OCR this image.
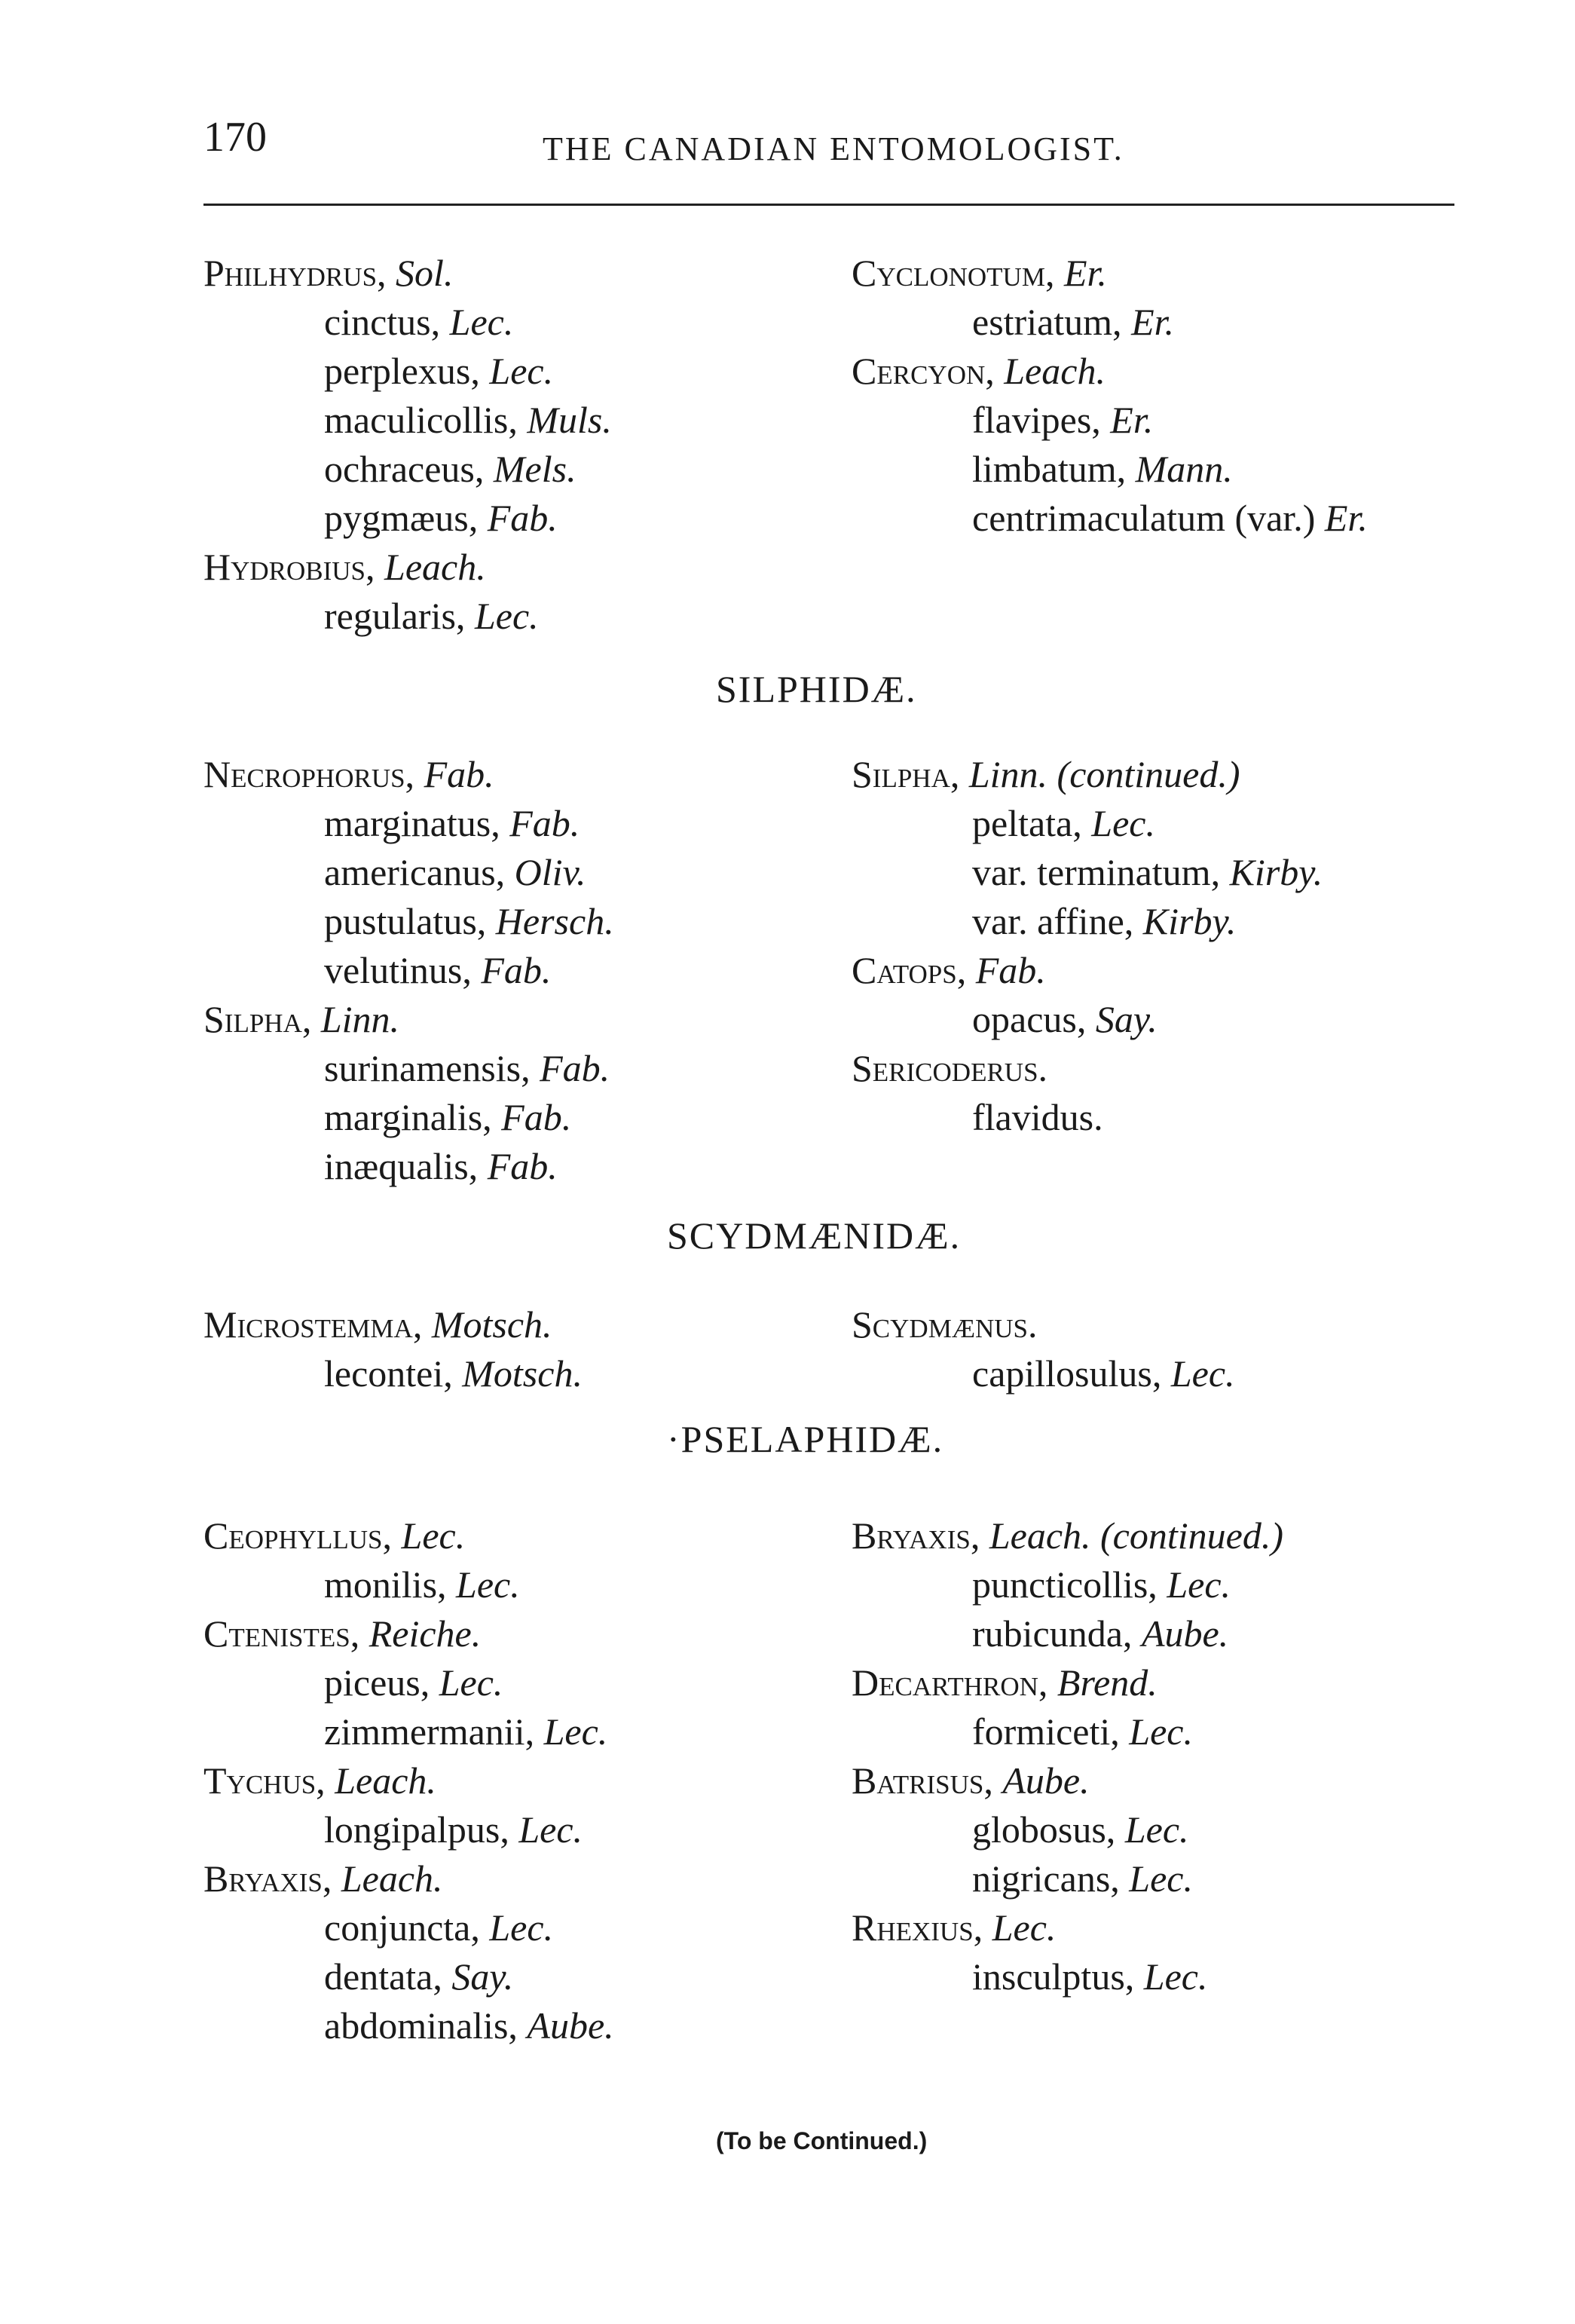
170	THE CANADIAN ENTOMOLOGIST.
Philhydrus, Sol.
cinctus, Lec.
perplexus, Lec.
maculicollis, Muls.
ochraceus, Mels.
pygmæus, Fab.
Hydrobius, Leach.
regularis, Lec.
Cyclonotum, Er.
estriatum, Er.
Cercyon, Leach.
flavipes, Er.
limbatum, Mann.
centrimaculatum (var.) Er.
SILPHIDÆ.
Necrophorus, Fab.
marginatus, Fab.
americanus, Oliv.
pustulatus, Hersch.
velutinus, Fab.
Silpha, Linn.
surinamensis, Fab.
marginalis, Fab.
inæqualis, Fab.
Silpha, Linn. (continued.)
peltata, Lec.
var. terminatum, Kirby.
var. affine, Kirby.
Catops, Fab.
opacus, Say.
Sericoderus.
flavidus.
SCYDMÆNIDÆ.
Microstemma, Motsch.
lecontei, Motsch.
Scydmænus.
capillosulus, Lec.
·PSELAPHIDÆ.
Ceophyllus, Lec.
monilis, Lec.
Ctenistes, Reiche.
piceus, Lec.
zimmermanii, Lec.
Tychus, Leach.
longipalpus, Lec.
Bryaxis, Leach.
conjuncta, Lec.
dentata, Say.
abdominalis, Aube.
Bryaxis, Leach. (continued.)
puncticollis, Lec.
rubicunda, Aube.
Decarthron, Brend.
formiceti, Lec.
Batrisus, Aube.
globosus, Lec.
nigricans, Lec.
Rhexius, Lec.
insculptus, Lec.
(To be Continued.)
